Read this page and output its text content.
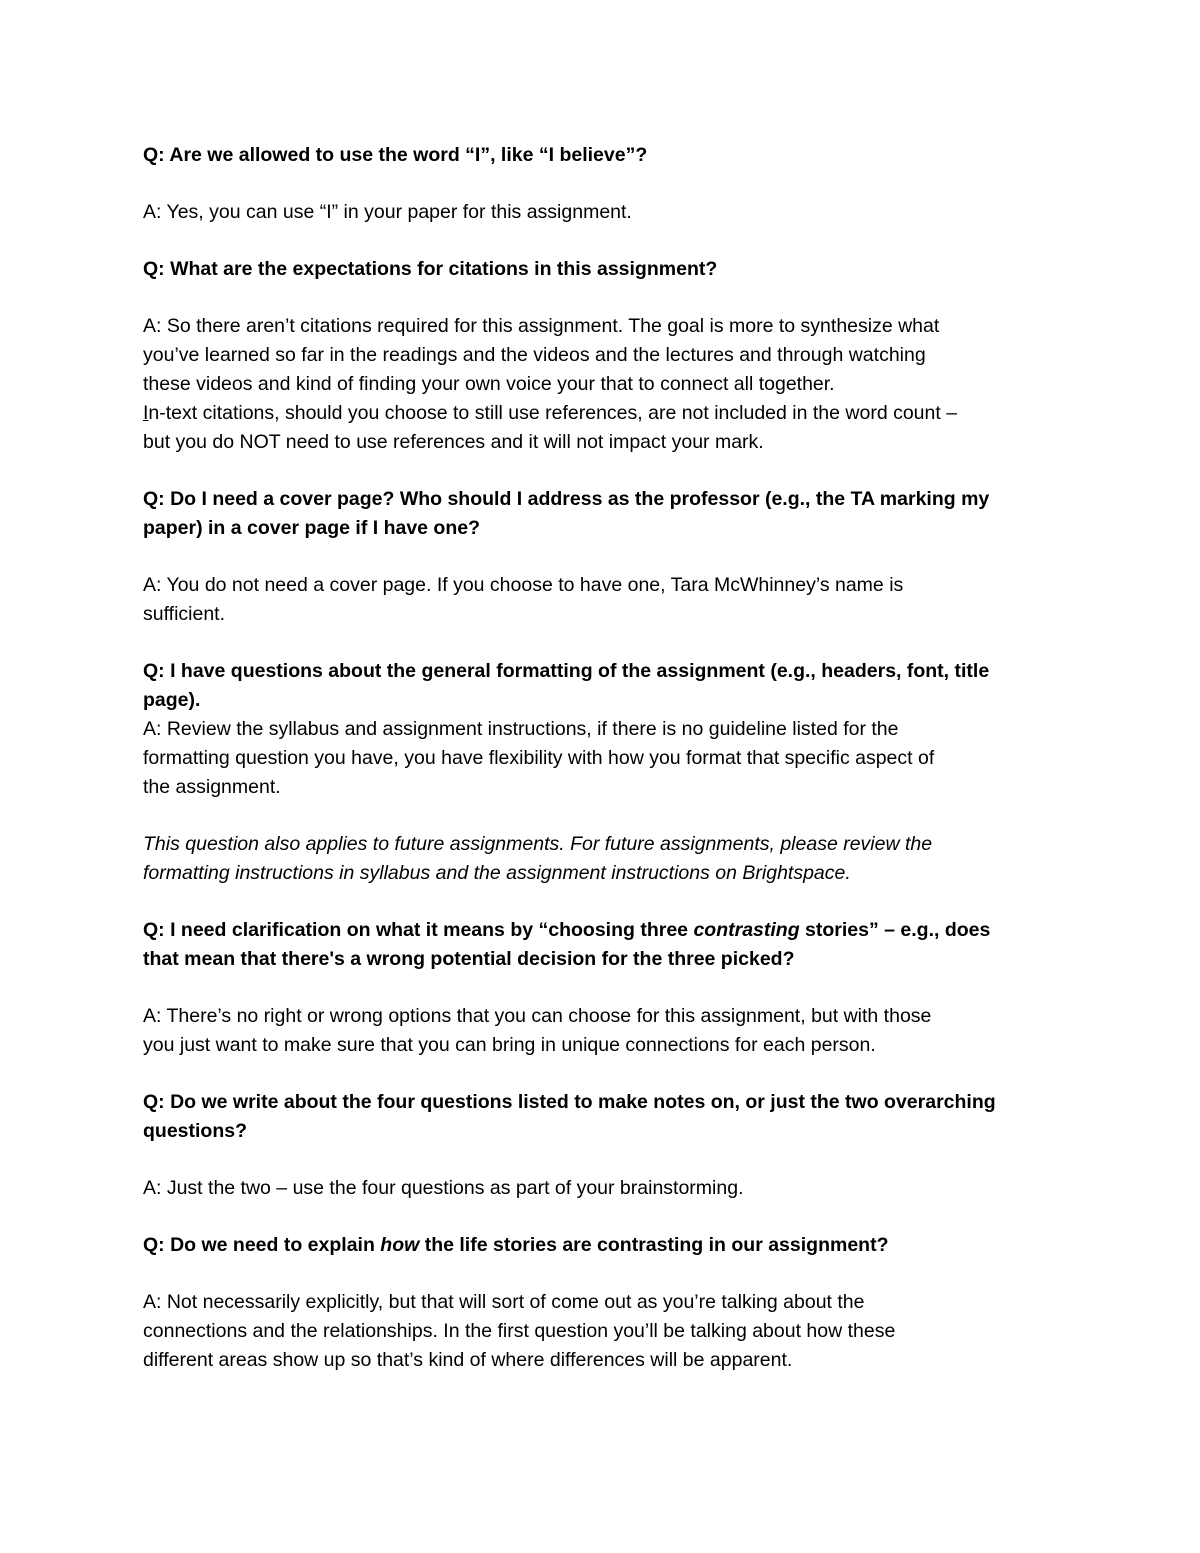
Q: Are we allowed to use the word “I”, like “I believe”?

A: Yes, you can use “I” in your paper for this assignment.

Q: What are the expectations for citations in this assignment?

A: So there aren’t citations required for this assignment. The goal is more to synthesize what
you’ve learned so far in the readings and the videos and the lectures and through watching
these videos and kind of finding your own voice your that to connect all together.
In-text citations, should you choose to still use references, are not included in the word count –
but you do NOT need to use references and it will not impact your mark.

Q: Do I need a cover page? Who should I address as the professor (e.g., the TA marking my
paper) in a cover page if I have one?

A: You do not need a cover page. If you choose to have one, Tara McWhinney’s name is
sufficient.

Q: I have questions about the general formatting of the assignment (e.g., headers, font, title
page).

A: Review the syllabus and assignment instructions, if there is no guideline listed for the
formatting question you have, you have flexibility with how you format that specific aspect of
the assignment.

This question also applies to future assignments. For future assignments, please review the
formatting instructions in syllabus and the assignment instructions on Brightspace.

Q: I need clarification on what it means by “choosing three contrasting stories” – e.g., does
that mean that there's a wrong potential decision for the three picked?

A: There’s no right or wrong options that you can choose for this assignment, but with those
you just want to make sure that you can bring in unique connections for each person.

Q: Do we write about the four questions listed to make notes on, or just the two overarching
questions?

A: Just the two – use the four questions as part of your brainstorming.

Q: Do we need to explain how the life stories are contrasting in our assignment?

A: Not necessarily explicitly, but that will sort of come out as you’re talking about the
connections and the relationships. In the first question you’ll be talking about how these
different areas show up so that’s kind of where differences will be apparent.
